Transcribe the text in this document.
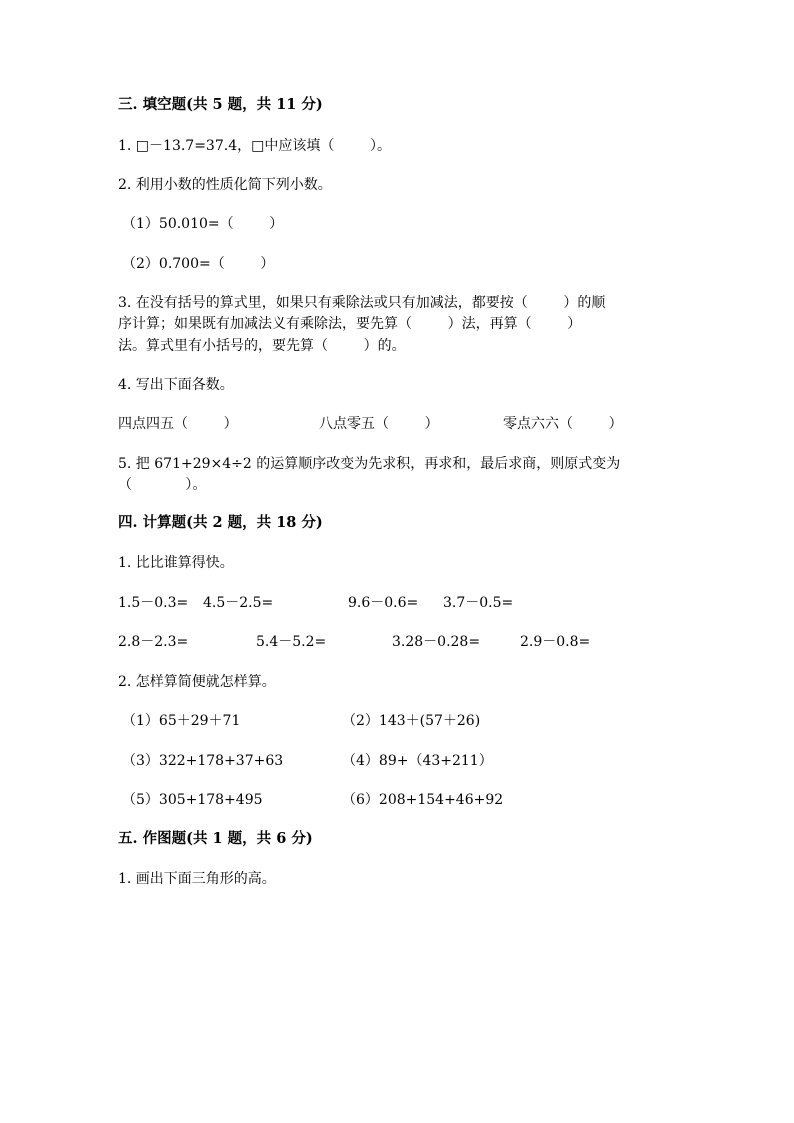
三. 填空题(共 5 题，共 11 分)
1. □－13.7=37.4，□中应该填（        ）。
2. 利用小数的性质化简下列小数。
（1）50.010=（        ）
（2）0.700=（        ）
3. 在没有括号的算式里，如果只有乘除法或只有加减法，都要按（        ）的顺
序计算；如果既有加减法义有乘除法，要先算（        ）法，再算（        ）
法。算式里有小括号的，要先算（        ）的。
4. 写出下面各数。
四点四五（        ）	八点零五（        ）	零点六六（        ）
5. 把 671+29×4÷2 的运算顺序改变为先求积，再求和，最后求商，则原式变为
（            ）。
四. 计算题(共 2 题，共 18 分)
1. 比比谁算得快。
1.5－0.3= 4.5－2.5=	9.6－0.6= 3.7－0.5=
2.8－2.3=	5.4－5.2=	3.28－0.28=	2.9－0.8=
2. 怎样算简便就怎样算。
（1）65＋29＋71	（2）143＋(57＋26)
（3）322+178+37+63	（4）89+（43+211）
（5）305+178+495	（6）208+154+46+92
五. 作图题(共 1 题，共 6 分)
1. 画出下面三角形的高。
